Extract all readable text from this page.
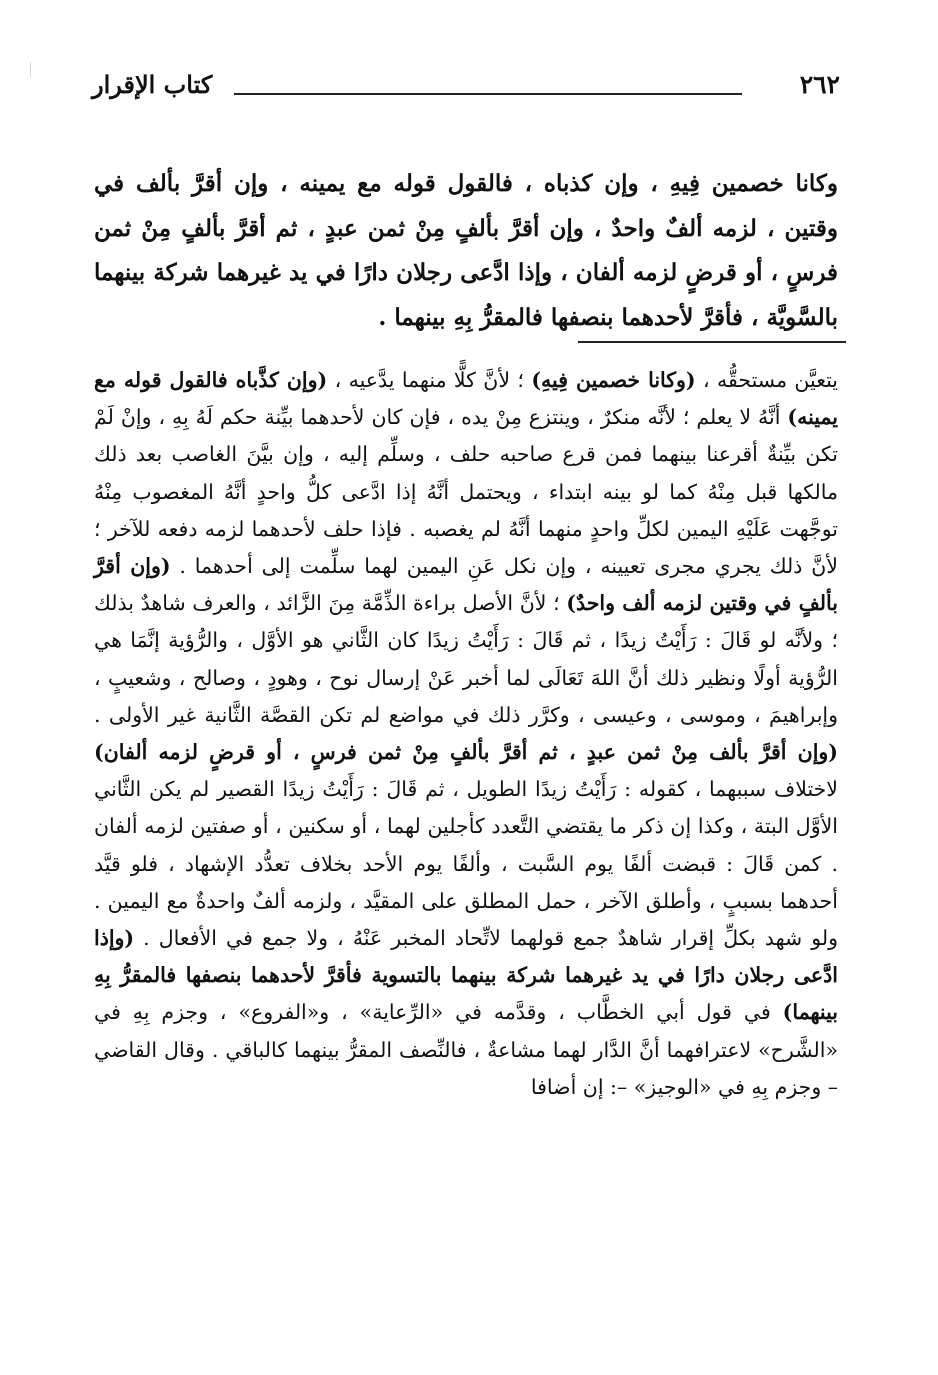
٢٦٢
كتاب الإقرار

وكانا خصمين فِيهِ ، وإن كذباه ، فالقول قوله مع يمينه ، وإن أقرَّ بألف في وقتين ، لزمه ألفٌ واحدٌ ، وإن أقرَّ بألفٍ مِنْ ثمن عبدٍ ، ثم أقرَّ بألفٍ مِنْ ثمن فرسٍ ، أو قرضٍ لزمه ألفان ، وإذا ادَّعى رجلان دارًا في يد غيرهما شركة بينهما بالسَّويَّة ، فأقرَّ لأحدهما بنصفها فالمقرُّ بِهِ بينهما .

يتعيَّن مستحقُّه ، (وكانا خصمين فِيهِ) ؛ لأنَّ كلًّا منهما يدَّعيه ، (وإن كذَّباه فالقول قوله مع يمينه) أنَّهُ لا يعلم ؛ لأنَّه منكرٌ ، وينتزع مِنْ يده ، فإن كان لأحدهما بيِّنة حكم لَهُ بِهِ ، وإنْ لَمْ تكن بيِّنةٌ أقرعنا بينهما فمن قرع صاحبه حلف ، وسلِّم إليه ، وإن بيَّنَ الغاصب بعد ذلك مالكها قبل مِنْهُ كما لو بينه ابتداء ، ويحتمل أنَّهُ إذا ادَّعى كلُّ واحدٍ أنَّهُ المغصوب مِنْهُ توجَّهت عَلَيْهِ اليمين لكلِّ واحدٍ منهما أنَّهُ لم يغصبه . فإذا حلف لأحدهما لزمه دفعه للآخر ؛ لأنَّ ذلك يجري مجرى تعيينه ، وإن نكل عَنِ اليمين لهما سلِّمت إلى أحدهما . (وإن أقرَّ بألفٍ في وقتين لزمه ألف واحدٌ) ؛ لأنَّ الأصل براءة الذِّمَّة مِنَ الزَّائد ، والعرف شاهدٌ بذلك ؛ ولأنَّه لو قَالَ : رَأَيْتُ زيدًا ، ثم قَالَ : رَأَيْتُ زيدًا كان الثَّاني هو الأوَّل ، والرُّؤية إنَّمَا هي الرُّؤية أولًا ونظير ذلك أنَّ اللهَ تَعَالَى لما أخبر عَنْ إرسال نوح ، وهودٍ ، وصالح ، وشعيبٍ ، وإبراهيمَ ، وموسى ، وعيسى ، وكرَّر ذلك في مواضع لم تكن القصَّة الثَّانية غير الأولى . (وإن أقرَّ بألف مِنْ ثمن عبدٍ ، ثم أقرَّ بألفٍ مِنْ ثمن فرسٍ ، أو قرضٍ لزمه ألفان) لاختلاف سببهما ، كقوله : رَأَيْتُ زيدًا الطويل ، ثم قَالَ : رَأَيْتُ زيدًا القصير لم يكن الثَّاني الأوَّل البتة ، وكذا إن ذكر ما يقتضي التَّعدد كأجلين لهما ، أو سكنين ، أو صفتين لزمه ألفان . كمن قَالَ : قبضت ألفًا يوم السَّبت ، وألفًا يوم الأحد بخلاف تعدُّد الإشهاد ، فلو قيَّد أحدهما بسببٍ ، وأطلق الآخر ، حمل المطلق على المقيَّد ، ولزمه ألفٌ واحدةٌ مع اليمين . ولو شهد بكلِّ إقرار شاهدٌ جمع قولهما لاتِّحاد المخبر عَنْهُ ، ولا جمع في الأفعال . (وإذا ادَّعى رجلان دارًا في يد غيرهما شركة بينهما بالتسوية فأقرَّ لأحدهما بنصفها فالمقرُّ بِهِ بينهما) في قول أبي الخطَّاب ، وقدَّمه في «الرِّعاية» ، و«الفروع» ، وجزم بِهِ في «الشَّرح» لاعترافهما أنَّ الدَّار لهما مشاعةٌ ، فالنِّصف المقرُّ بينهما كالباقي . وقال القاضي – وجزم بِهِ في «الوجيز» –: إن أضافا
